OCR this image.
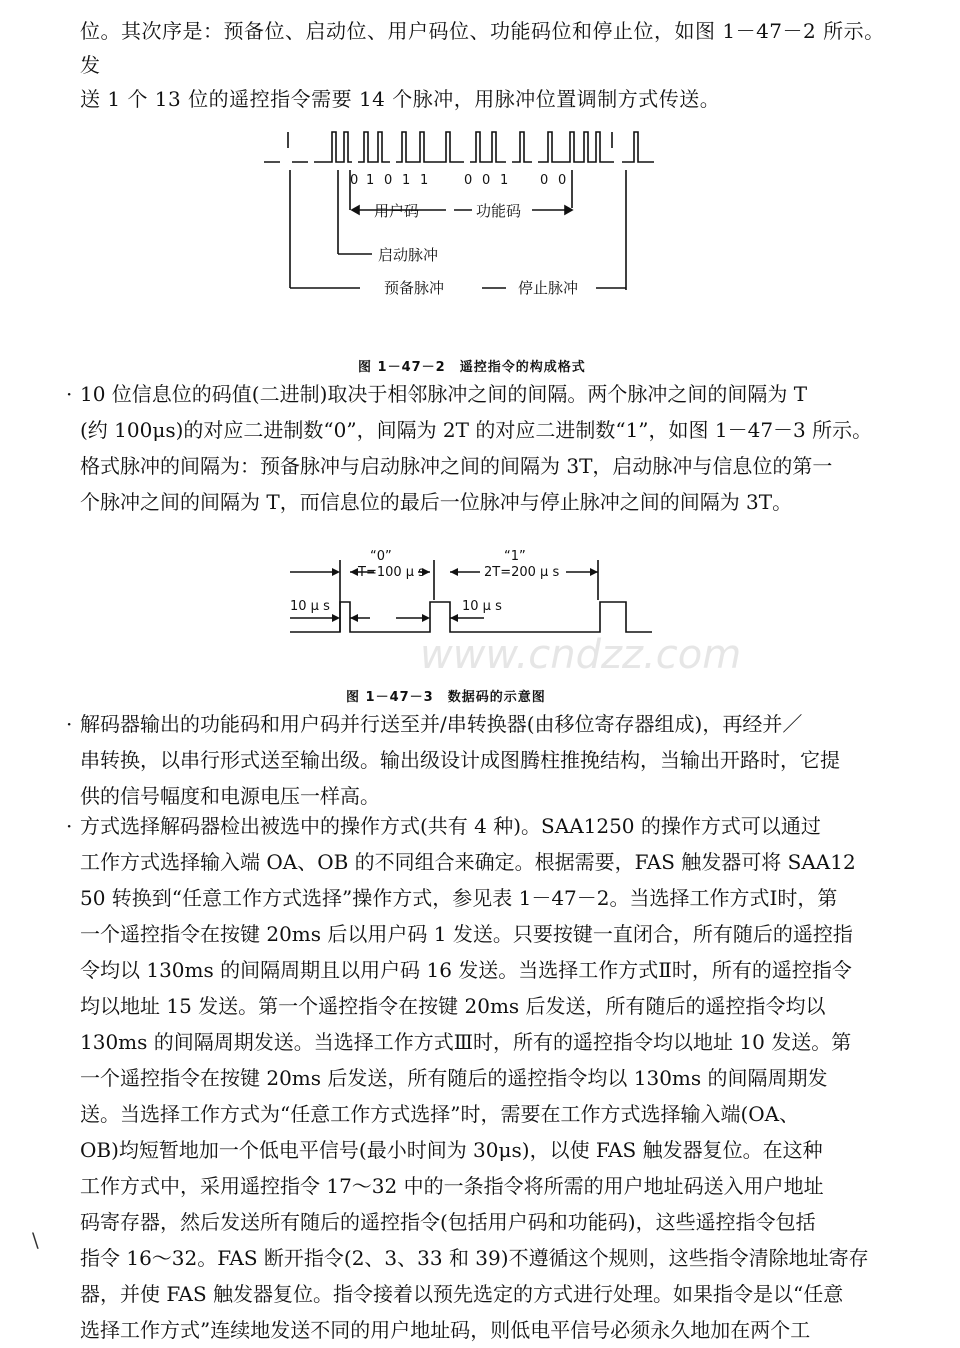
位。其次序是：预备位、启动位、用户码位、功能码位和停止位，如图 1－47－2 所示。发
送 1 个 13 位的遥控指令需要 14 个脉冲，用脉冲位置调制方式传送。
0 1 0 1 1	0 0 1 0 0
用户码	功能码
启动脉冲
预备脉冲	停止脉冲
图 1－47－2　遥控指令的构成格式
· 10 位信息位的码值(二进制)取决于相邻脉冲之间的间隔。两个脉冲之间的间隔为 T
(约 100μs)的对应二进制数“0”，间隔为 2T 的对应二进制数“1”，如图 1－47－3 所示。
格式脉冲的间隔为：预备脉冲与启动脉冲之间的间隔为 3T，启动脉冲与信息位的第一
个脉冲之间的间隔为 T，而信息位的最后一位脉冲与停止脉冲之间的间隔为 3T。
“0”	“1”
T=100 μ s	2T=200 μ s
10 μ s	10 μ s
www.cndzz.com
图 1－47－3　数据码的示意图
· 解码器输出的功能码和用户码并行送至并/串转换器(由移位寄存器组成)，再经并／
串转换，以串行形式送至输出级。输出级设计成图腾柱推挽结构，当输出开路时，它提
供的信号幅度和电源电压一样高。
· 方式选择解码器检出被选中的操作方式(共有 4 种)。SAA1250 的操作方式可以通过
工作方式选择输入端 OA、OB 的不同组合来确定。根据需要，FAS 触发器可将 SAA12
50 转换到“任意工作方式选择”操作方式，参见表 1－47－2。当选择工作方式Ⅰ时，第
一个遥控指令在按键 20ms 后以用户码 1 发送。只要按键一直闭合，所有随后的遥控指
令均以 130ms 的间隔周期且以用户码 16 发送。当选择工作方式Ⅱ时，所有的遥控指令
均以地址 15 发送。第一个遥控指令在按键 20ms 后发送，所有随后的遥控指令均以
130ms 的间隔周期发送。当选择工作方式Ⅲ时，所有的遥控指令均以地址 10 发送。第
一个遥控指令在按键 20ms 后发送，所有随后的遥控指令均以 130ms 的间隔周期发
送。当选择工作方式为“任意工作方式选择”时，需要在工作方式选择输入端(OA、
OB)均短暂地加一个低电平信号(最小时间为 30μs)，以使 FAS 触发器复位。在这种
工作方式中，采用遥控指令 17～32 中的一条指令将所需的用户地址码送入用户地址
码寄存器，然后发送所有随后的遥控指令(包括用户码和功能码)，这些遥控指令包括
指令 16～32。FAS 断开指令(2、3、33 和 39)不遵循这个规则，这些指令清除地址寄存
器，并使 FAS 触发器复位。指令接着以预先选定的方式进行处理。如果指令是以“任意
选择工作方式”连续地发送不同的用户地址码，则低电平信号必须永久地加在两个工
\
